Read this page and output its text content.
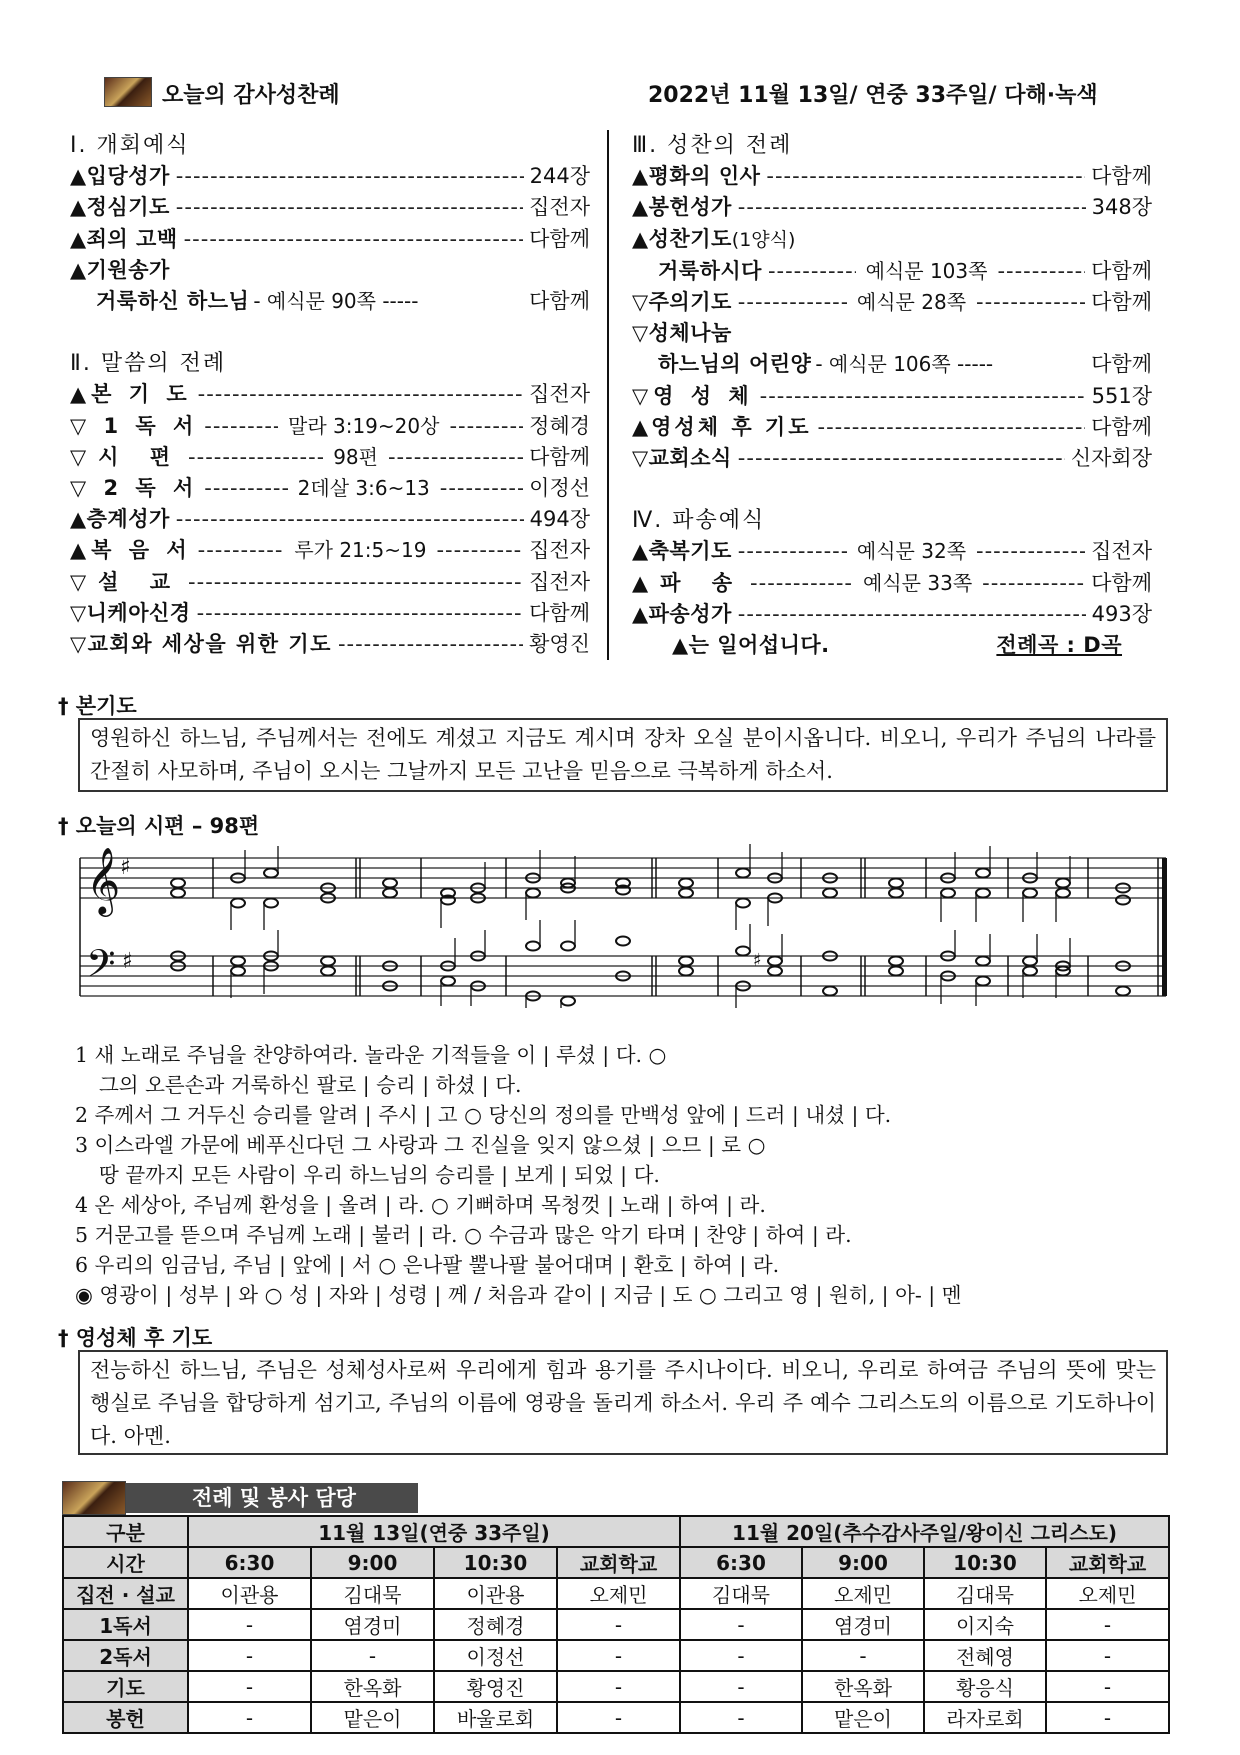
오늘의 감사성찬례	2022년 11월 13일/ 연중 33주일/ 다해·녹색
Ⅰ. 개회예식
▲입당성가 -----	244장
▲정심기도 -----	집전자
▲죄의 고백 -----	다함께
▲기원송가
거룩하신 하느님 - 예식문 90쪽 -----	다함께
Ⅱ. 말씀의 전례
▲본 기 도 -----	집전자
▽ 1 독 서 -----	말라 3:19~20상 -----	정혜경
▽시 편 -----	98편 -----	다함께
▽ 2 독 서 -----	2데살 3:6~13 -----	이정선
▲층계성가 -----	494장
▲복 음 서 -----	루가 21:5~19 -----	집전자
▽설 교 -----	집전자
▽니케아신경 -----	다함께
▽교회와 세상을 위한 기도 -----	황영진
Ⅲ. 성찬의 전례
▲평화의 인사 -----	다함께
▲봉헌성가 -----	348장
▲성찬기도 (1양식)
거룩하시다 -----	예식문 103쪽 -----	다함께
▽주의기도 -----	예식문 28쪽 -----	다함께
▽성체나눔
하느님의 어린양 - 예식문 106쪽 -----	다함께
▽영 성 체 -----	551장
▲영성체 후 기도 -----	다함께
▽교회소식 -----	신자회장
Ⅳ. 파송예식
▲축복기도 -----	예식문 32쪽 -----	집전자
▲파 송 -----	예식문 33쪽 -----	다함께
▲파송성가 -----	493장
▲는 일어섭니다.	전례곡 : D곡
† 본기도
영원하신 하느님, 주님께서는 전에도 계셨고 지금도 계시며 장차 오실 분이시옵니다. 비오니, 우리가 주님의 나라를 간절히 사모하며, 주님이 오시는 그날까지 모든 고난을 믿음으로 극복하게 하소서.
† 오늘의 시편 – 98편
𝄞
𝄢
♯
♯	♯
1 새 노래로 주님을 찬양하여라. 놀라운 기적들을 이 | 루셨 | 다. ○
그의 오른손과 거룩하신 팔로 | 승리 | 하셨 | 다.
2 주께서 그 거두신 승리를 알려 | 주시 | 고 ○ 당신의 정의를 만백성 앞에 | 드러 | 내셨 | 다.
3 이스라엘 가문에 베푸신다던 그 사랑과 그 진실을 잊지 않으셨 | 으므 | 로 ○
땅 끝까지 모든 사람이 우리 하느님의 승리를 | 보게 | 되었 | 다.
4 온 세상아, 주님께 환성을 | 올려 | 라. ○ 기뻐하며 목청껏 | 노래 | 하여 | 라.
5 거문고를 뜯으며 주님께 노래 | 불러 | 라. ○ 수금과 많은 악기 타며 | 찬양 | 하여 | 라.
6 우리의 임금님, 주님 | 앞에 | 서 ○ 은나팔 뿔나팔 불어대며 | 환호 | 하여 | 라.
◉ 영광이 | 성부 | 와 ○ 성 | 자와 | 성령 | 께 / 처음과 같이 | 지금 | 도 ○ 그리고 영 | 원히, | 아- | 멘
† 영성체 후 기도
전능하신 하느님, 주님은 성체성사로써 우리에게 힘과 용기를 주시나이다. 비오니, 우리로 하여금 주님의 뜻에 맞는 행실로 주님을 합당하게 섬기고, 주님의 이름에 영광을 돌리게 하소서. 우리 주 예수 그리스도의 이름으로 기도하나이다. 아멘.
전례 및 봉사 담당
구분	11월 13일(연중 33주일)				11월 20일(추수감사주일/왕이신 그리스도)			
시간	6:30	9:00	10:30	교회학교	6:30	9:00	10:30	교회학교
집전 · 설교	이관용	김대묵	이관용	오제민	김대묵	오제민	김대묵	오제민
1독서	-	염경미	정혜경	-	-	염경미	이지숙	-
2독서	-	-	이정선	-	-	-	전혜영	-
기도	-	한옥화	황영진	-	-	한옥화	황응식	-
봉헌	-	맡은이	바울로회	-	-	맡은이	라자로회	-
